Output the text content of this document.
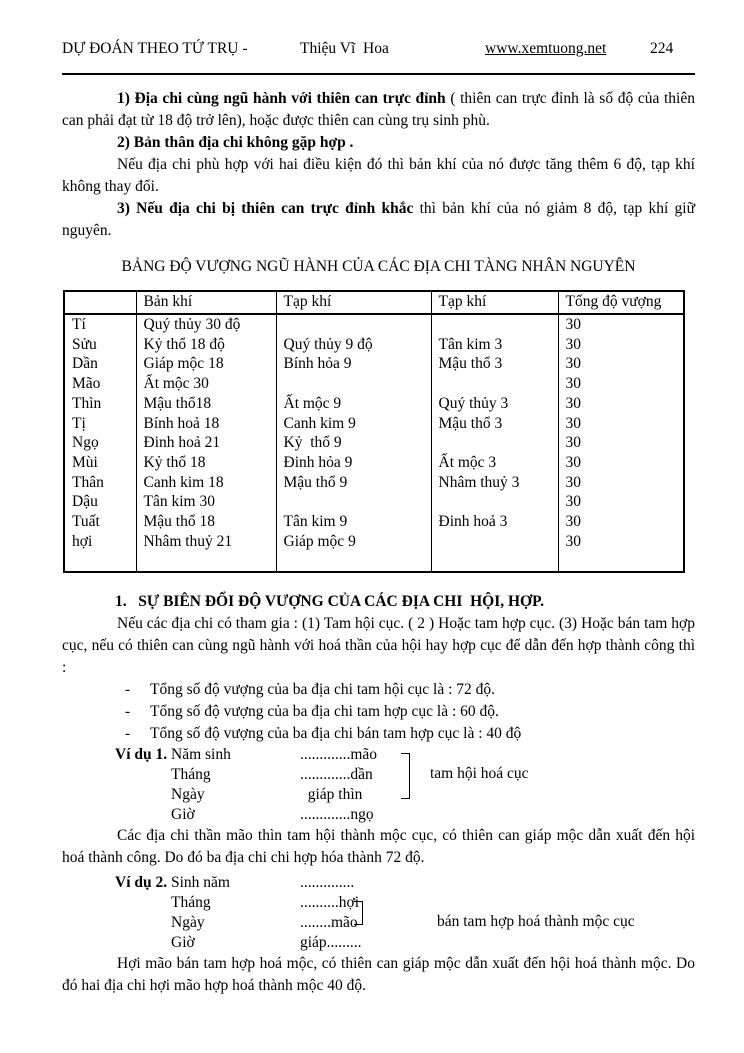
DỰ ĐOÁN THEO TỨ TRỤ -	Thiệu Vĩ  Hoa	www.xemtuong.net	224

1) Địa chi cùng ngũ hành với thiên can trực đỉnh ( thiên can trực đỉnh là số độ của thiên can phải đạt từ 18 độ trở lên), hoặc được thiên can cùng trụ sinh phù.

2) Bản thân địa chi không gặp hợp .

Nếu địa chi phù hợp với hai điều kiện đó thì bản khí của nó được tăng thêm 6 độ, tạp khí không thay đổi.

3) Nếu địa chi bị thiên can trực đỉnh khắc thì bản khí của nó giảm 8 độ, tạp khí giữ nguyên.

BẢNG ĐỘ VƯỢNG NGŨ HÀNH CỦA CÁC ĐỊA CHI TÀNG NHÂN NGUYÊN
	Bản khí	Tạp khí	Tạp khí	Tổng độ vượng
Tí	Quý thủy 30 độ			30
Sửu	Kỷ thổ 18 độ	Quý thủy 9 độ	Tân kim 3	30
Dần	Giáp mộc 18	Bính hỏa 9	Mậu thổ 3	30
Mão	Ất mộc 30			30
Thìn	Mậu thổ18	Ất mộc 9	Quý thủy 3	30
Tị	Bính hoả 18	Canh kim 9	Mậu thổ 3	30
Ngọ	Đinh hoả 21	Kỷ  thổ 9		30
Mùi	Kỷ thổ 18	Đinh hỏa 9	Ất mộc 3	30
Thân	Canh kim 18	Mậu thổ 9	Nhâm thuỷ 3	30
Dậu	Tân kim 30			30
Tuất	Mậu thổ 18	Tân kim 9	Đinh hoả 3	30
hợi	Nhâm thuỷ 21	Giáp mộc 9		30

1.   SỰ BIÊN ĐỔI ĐỘ VƯỢNG CỦA CÁC ĐỊA CHI  HỘI, HỢP.

Nếu các địa chi có tham gia : (1) Tam hội cục. ( 2 ) Hoặc tam hợp cục. (3) Hoặc bán tam hợp cục, nếu có thiên can cùng ngũ hành với hoá thần của hội hay hợp cục để dẫn đến hợp thành công thì :

-	Tổng số độ vượng của ba địa chi tam hội cục là : 72 độ.
-	Tổng số độ vượng của ba địa chi tam hợp cục là : 60 độ.
-	Tổng số độ vượng của ba địa chi bán tam hợp cục là : 40 độ
Ví dụ 1. Năm sinh	.............mão
Tháng	.............dần
Ngày	giáp thìn
Giờ	.............ngọ
tam hội hoá cục

Các địa chi thần mão thìn tam hội thành mộc cục, có thiên can giáp mộc dẫn xuất đến hội hoá thành công. Do đó ba địa chi chi hợp hóa thành 72 độ.

Ví dụ 2. Sinh năm	..............
Tháng	..........hợi
Ngày	........mão
Giờ	giáp.........
bán tam hợp hoá thành mộc cục

Hợi mão bán tam hợp hoá mộc, có thiên can giáp mộc dẫn xuất đến hội hoá thành mộc. Do đó hai địa chi hợi mão hợp hoá thành mộc 40 độ.
